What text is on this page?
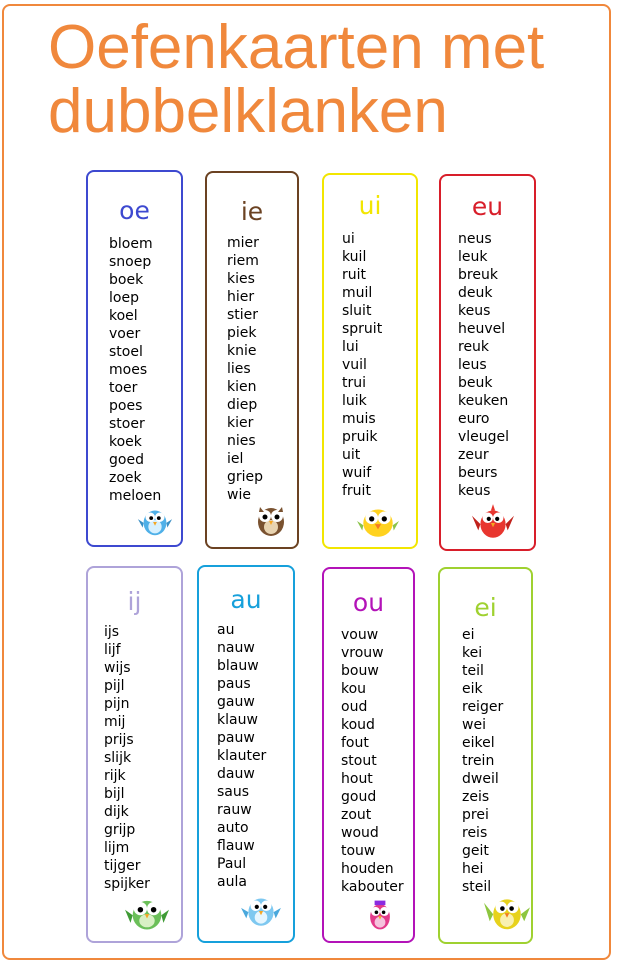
Oefenkaarten met
dubbelklanken
oe
bloem
snoep
boek
loep
koel
voer
stoel
moes
toer
poes
stoer
koek
goed
zoek
meloen
ie
mier
riem
kies
hier
stier
piek
knie
lies
kien
diep
kier
nies
iel
griep
wie
ui
ui
kuil
ruit
muil
sluit
spruit
lui
vuil
trui
luik
muis
pruik
uit
wuif
fruit
eu
neus
leuk
breuk
deuk
keus
heuvel
reuk
leus
beuk
keuken
euro
vleugel
zeur
beurs
keus
ij
ijs
lijf
wijs
pijl
pijn
mij
prijs
slijk
rijk
bijl
dijk
grijp
lijm
tijger
spijker
au
au
nauw
blauw
paus
gauw
klauw
pauw
klauter
dauw
saus
rauw
auto
flauw
Paul
aula
ou
vouw
vrouw
bouw
kou
oud
koud
fout
stout
hout
goud
zout
woud
touw
houden
kabouter
ei
ei
kei
teil
eik
reiger
wei
eikel
trein
dweil
zeis
prei
reis
geit
hei
steil
